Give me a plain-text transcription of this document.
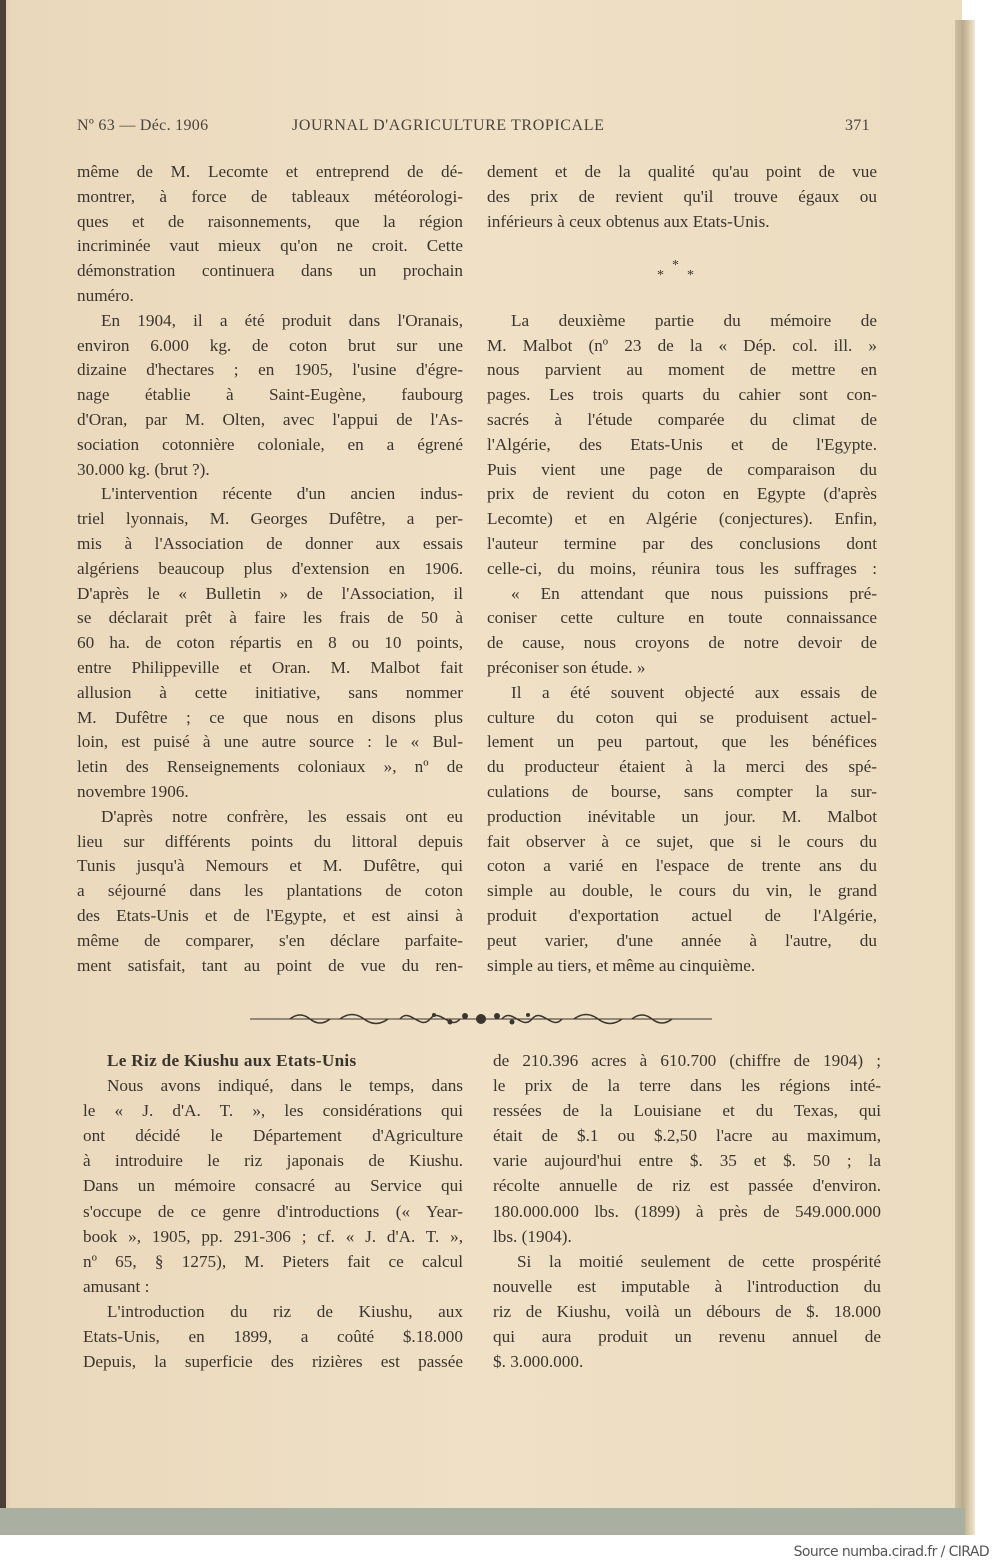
Nº 63 — Déc. 1906	JOURNAL D'AGRICULTURE TROPICALE	371
même de M. Lecomte et entreprend de dé-
montrer, à force de tableaux météorologi-
ques et de raisonnements, que la région
incriminée vaut mieux qu'on ne croit. Cette
démonstration continuera dans un prochain
numéro.
En 1904, il a été produit dans l'Oranais,
environ 6.000 kg. de coton brut sur une
dizaine d'hectares ; en 1905, l'usine d'égre-
nage établie à Saint-Eugène, faubourg
d'Oran, par M. Olten, avec l'appui de l'As-
sociation cotonnière coloniale, en a égrené
30.000 kg. (brut ?).
L'intervention récente d'un ancien indus-
triel lyonnais, M. Georges Dufêtre, a per-
mis à l'Association de donner aux essais
algériens beaucoup plus d'extension en 1906.
D'après le « Bulletin » de l'Association, il
se déclarait prêt à faire les frais de 50 à
60 ha. de coton répartis en 8 ou 10 points,
entre Philippeville et Oran. M. Malbot fait
allusion à cette initiative, sans nommer
M. Dufêtre ; ce que nous en disons plus
loin, est puisé à une autre source : le « Bul-
letin des Renseignements coloniaux », nº de
novembre 1906.
D'après notre confrère, les essais ont eu
lieu sur différents points du littoral depuis
Tunis jusqu'à Nemours et M. Dufêtre, qui
a séjourné dans les plantations de coton
des Etats-Unis et de l'Egypte, et est ainsi à
même de comparer, s'en déclare parfaite-
ment satisfait, tant au point de vue du ren-
dement et de la qualité qu'au point de vue
des prix de revient qu'il trouve égaux ou
inférieurs à ceux obtenus aux Etats-Unis.

La deuxième partie du mémoire de
M. Malbot (nº 23 de la « Dép. col. ill. »
nous parvient au moment de mettre en
pages. Les trois quarts du cahier sont con-
sacrés à l'étude comparée du climat de
l'Algérie, des Etats-Unis et de l'Egypte.
Puis vient une page de comparaison du
prix de revient du coton en Egypte (d'après
Lecomte) et en Algérie (conjectures). Enfin,
l'auteur termine par des conclusions dont
celle-ci, du moins, réunira tous les suffrages :
« En attendant que nous puissions pré-
coniser cette culture en toute connaissance
de cause, nous croyons de notre devoir de
préconiser son étude. »
Il a été souvent objecté aux essais de
culture du coton qui se produisent actuel-
lement un peu partout, que les bénéfices
du producteur étaient à la merci des spé-
culations de bourse, sans compter la sur-
production inévitable un jour. M. Malbot
fait observer à ce sujet, que si le cours du
coton a varié en l'espace de trente ans du
simple au double, le cours du vin, le grand
produit d'exportation actuel de l'Algérie,
peut varier, d'une année à l'autre, du
simple au tiers, et même au cinquième.
*
* *
Le Riz de Kiushu aux Etats-Unis
Nous avons indiqué, dans le temps, dans
le « J. d'A. T. », les considérations qui
ont décidé le Département d'Agriculture
à introduire le riz japonais de Kiushu.
Dans un mémoire consacré au Service qui
s'occupe de ce genre d'introductions (« Year-
book », 1905, pp. 291-306 ; cf. « J. d'A. T. »,
nº 65, § 1275), M. Pieters fait ce calcul
amusant :
L'introduction du riz de Kiushu, aux
Etats-Unis, en 1899, a coûté $.18.000
Depuis, la superficie des rizières est passée
de 210.396 acres à 610.700 (chiffre de 1904) ;
le prix de la terre dans les régions inté-
ressées de la Louisiane et du Texas, qui
était de $.1 ou $.2,50 l'acre au maximum,
varie aujourd'hui entre $. 35 et $. 50 ; la
récolte annuelle de riz est passée d'environ.
180.000.000 lbs. (1899) à près de 549.000.000
lbs. (1904).
Si la moitié seulement de cette prospérité
nouvelle est imputable à l'introduction du
riz de Kiushu, voilà un débours de $. 18.000
qui aura produit un revenu annuel de
$. 3.000.000.
Source numba.cirad.fr / CIRAD
